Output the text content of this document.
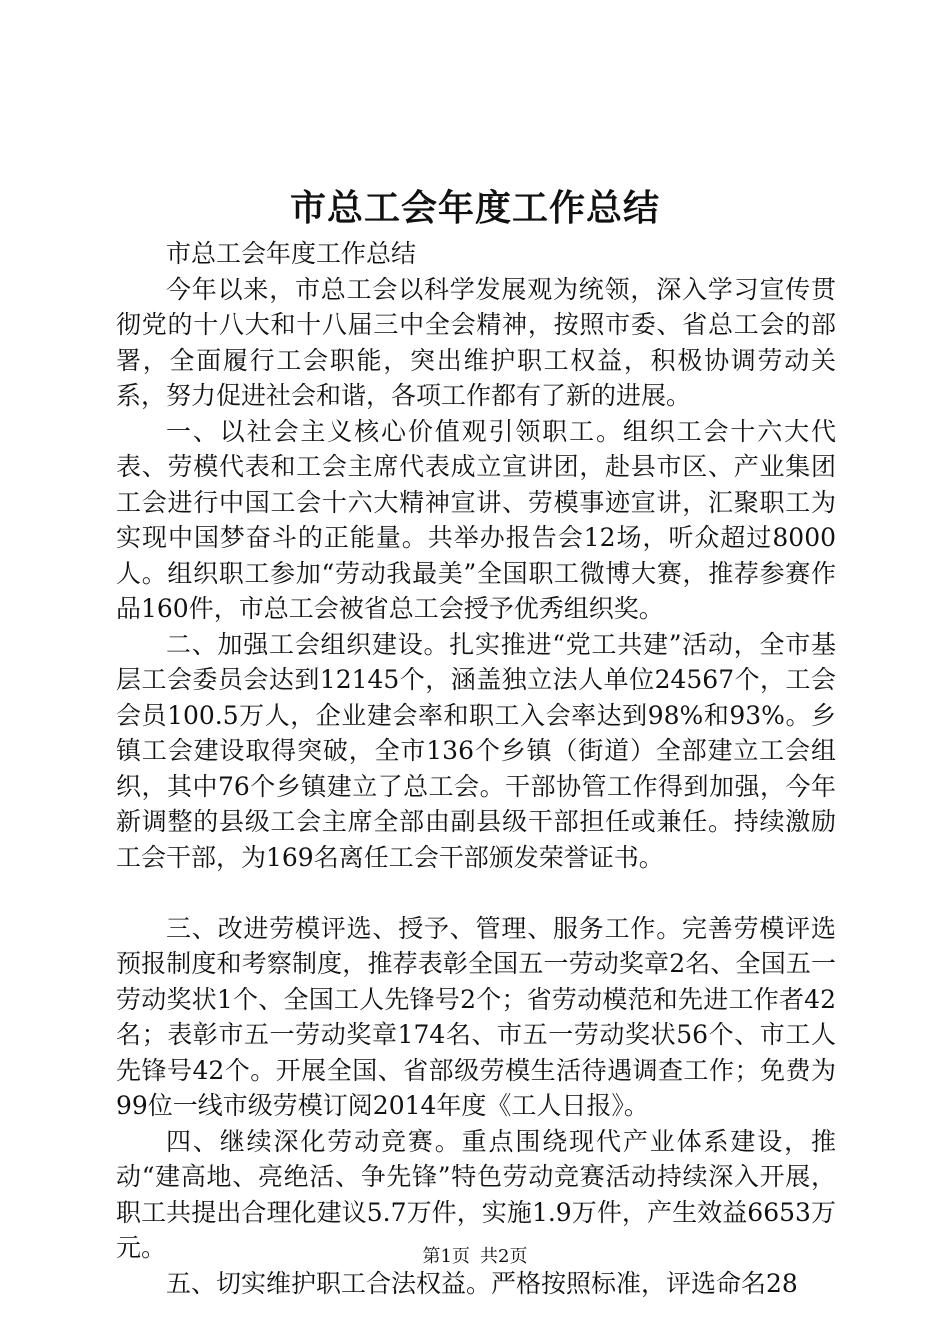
市总工会年度工作总结

市总工会年度工作总结

今年以来，市总工会以科学发展观为统领，深入学习宣传贯彻党的十八大和十八届三中全会精神，按照市委、省总工会的部署，全面履行工会职能，突出维护职工权益，积极协调劳动关系，努力促进社会和谐，各项工作都有了新的进展。

一、以社会主义核心价值观引领职工。组织工会十六大代表、劳模代表和工会主席代表成立宣讲团，赴县市区、产业集团工会进行中国工会十六大精神宣讲、劳模事迹宣讲，汇聚职工为实现中国梦奋斗的正能量。共举办报告会12场，听众超过8000人。组织职工参加“劳动我最美”全国职工微博大赛，推荐参赛作品160件，市总工会被省总工会授予优秀组织奖。

二、加强工会组织建设。扎实推进“党工共建”活动，全市基层工会委员会达到12145个，涵盖独立法人单位24567个，工会会员100.5万人，企业建会率和职工入会率达到98%和93%。乡镇工会建设取得突破，全市136个乡镇（街道）全部建立工会组织，其中76个乡镇建立了总工会。干部协管工作得到加强，今年新调整的县级工会主席全部由副县级干部担任或兼任。持续激励工会干部，为169名离任工会干部颁发荣誉证书。

三、改进劳模评选、授予、管理、服务工作。完善劳模评选预报制度和考察制度，推荐表彰全国五一劳动奖章2名、全国五一劳动奖状1个、全国工人先锋号2个；省劳动模范和先进工作者42名；表彰市五一劳动奖章174名、市五一劳动奖状56个、市工人先锋号42个。开展全国、省部级劳模生活待遇调查工作；免费为99位一线市级劳模订阅2014年度《工人日报》。

四、继续深化劳动竞赛。重点围绕现代产业体系建设，推动“建高地、亮绝活、争先锋”特色劳动竞赛活动持续深入开展，职工共提出合理化建议5.7万件，实施1.9万件，产生效益6653万元。

五、切实维护职工合法权益。严格按照标准，评选命名28

第1页 共2页
